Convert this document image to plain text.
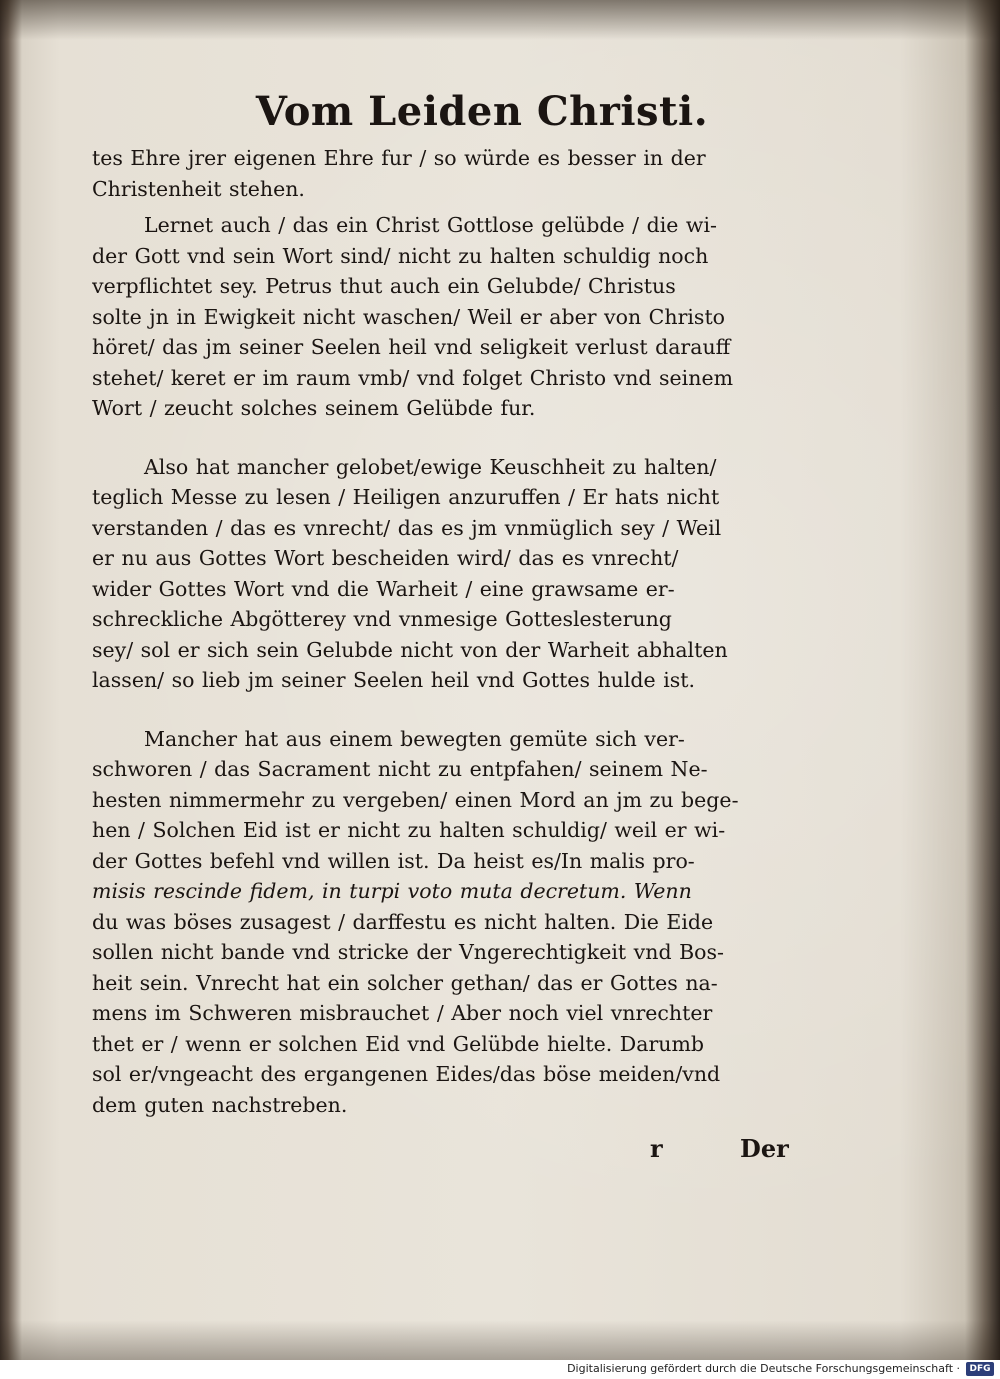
Vom Leiden Christi.
tes Ehre jrer eigenen Ehre fur / so würde es besser in der
Christenheit stehen.
Lernet auch / das ein Christ Gottlose gelübde / die wi-
der Gott vnd sein Wort sind/ nicht zu halten schuldig noch
verpflichtet sey. Petrus thut auch ein Gelubde/ Christus
solte jn in Ewigkeit nicht waschen/ Weil er aber von Christo
höret/ das jm seiner Seelen heil vnd seligkeit verlust darauff
stehet/ keret er im raum vmb/ vnd folget Christo vnd seinem
Wort / zeucht solches seinem Gelübde fur.
Also hat mancher gelobet/ewige Keuschheit zu halten/
teglich Messe zu lesen / Heiligen anzuruffen / Er hats nicht
verstanden / das es vnrecht/ das es jm vnmüglich sey / Weil
er nu aus Gottes Wort bescheiden wird/ das es vnrecht/
wider Gottes Wort vnd die Warheit / eine grawsame er-
schreckliche Abgötterey vnd vnmesige Gotteslesterung
sey/ sol er sich sein Gelubde nicht von der Warheit abhalten
lassen/ so lieb jm seiner Seelen heil vnd Gottes hulde ist.
Mancher hat aus einem bewegten gemüte sich ver-
schworen / das Sacrament nicht zu entpfahen/ seinem Ne-
hesten nimmermehr zu vergeben/ einen Mord an jm zu bege-
hen / Solchen Eid ist er nicht zu halten schuldig/ weil er wi-
der Gottes befehl vnd willen ist. Da heist es/In malis pro-
misis rescinde fidem, in turpi voto muta decretum. Wenn
du was böses zusagest / darffestu es nicht halten. Die Eide
sollen nicht bande vnd stricke der Vngerechtigkeit vnd Bos-
heit sein. Vnrecht hat ein solcher gethan/ das er Gottes na-
mens im Schweren misbrauchet / Aber noch viel vnrechter
thet er / wenn er solchen Eid vnd Gelübde hielte. Darumb
sol er/vngeacht des ergangenen Eides/das böse meiden/vnd
dem guten nachstreben.
r	Der
Digitalisierung gefördert durch die Deutsche Forschungsgemeinschaft ·	DFG
